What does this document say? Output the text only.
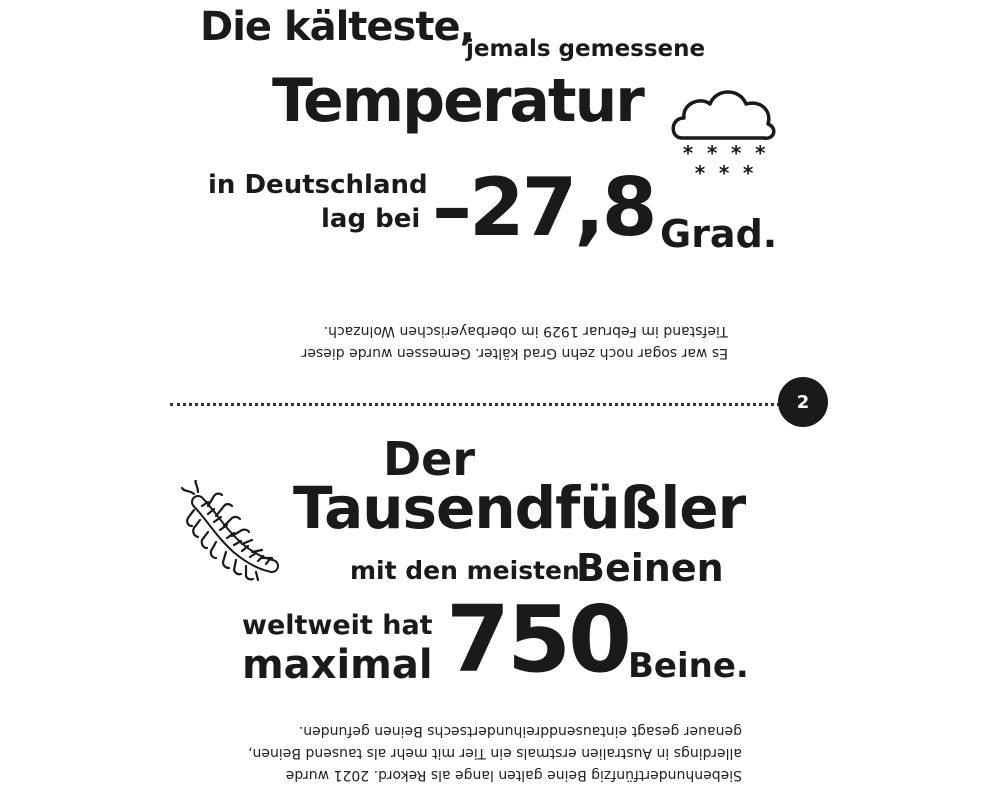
Die kälteste,
jemals gemessene
Temperatur
* * * *
* * *
in Deutschland
lag bei –27,8 Grad.
Es war sogar noch zehn Grad kälter. Gemessen wurde dieser
Tiefstand im Februar 1929 im oberbayerischen Wolnzach.
2
Der
Tausendfüßler
mit den meisten
Beinen
weltweit hat
maximal 750
Beine.
Siebenhundertfünfzig Beine galten lange als Rekord. 2021 wurde
allerdings in Australien erstmals ein Tier mit mehr als tausend Beinen,
genauer gesagt eintausenddreihundertsechs Beinen gefunden.
